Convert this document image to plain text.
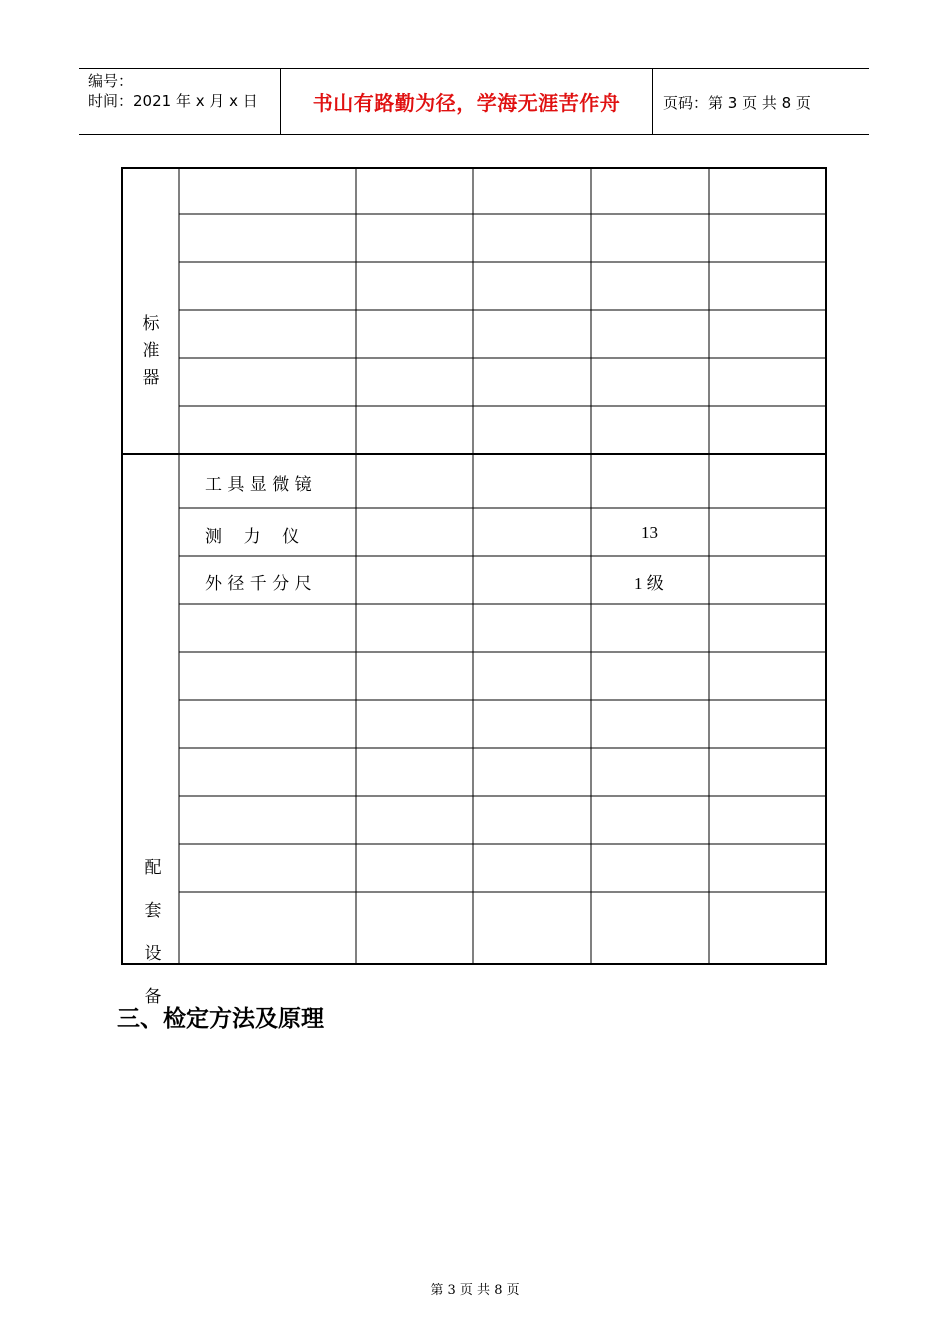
编号：
时间：2021 年 x 月 x 日	书山有路勤为径，学海无涯苦作舟	页码：第 3 页 共 8 页
标
准
器
配
套
设
备
工 具 显 微 镜
测    力    仪
外 径 千 分 尺
13
1 级
三、检定方法及原理
第 3 页 共 8 页
